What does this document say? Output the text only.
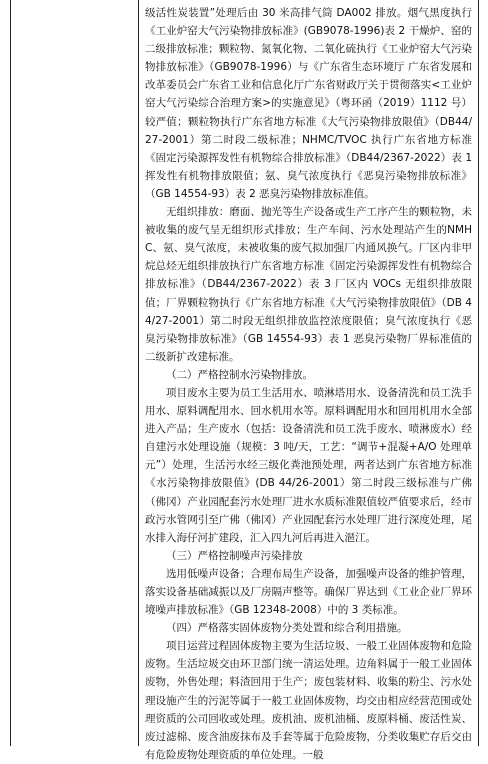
级活性炭装置”处理后由 30 米高排气筒 DA002 排放。烟气黑度执行《工业炉窑大气污染物排放标准》(GB9078-1996)表 2 干燥炉、窑的二级排放标准；颗粒物、氮氧化物、二氧化硫执行《工业炉窑大气污染物排放标准》（GB9078-1996）与《广东省生态环境厅 广东省发展和改革委员会广东省工业和信息化厅广东省财政厅关于贯彻落实<工业炉窑大气污染综合治理方案>的实施意见》（粤环函（2019）1112 号）较严值；颗粒物执行广东省地方标准《大气污染物排放限值》（DB44/27-2001）第二时段二级标准；NHMC/TVOC 执行广东省地方标准《固定污染源挥发性有机物综合排放标准》（DB44/2367-2022）表 1 挥发性有机物排放限值；氨、臭气浓度执行《恶臭污染物排放标准》（GB 14554-93）表 2 恶臭污染物排放标准值。

无组织排放：磨面、抛光等生产设备或生产工序产生的颗粒物，未被收集的废气呈无组织形式排放；生产车间、污水处理站产生的NMHC、氨、臭气浓度，未被收集的废气拟加强厂内通风换气。厂区内非甲烷总烃无组织排放执行广东省地方标准《固定污染源挥发性有机物综合排放标准》（DB44/2367-2022）表 3 厂区内 VOCs 无组织排放限值；厂界颗粒物执行《广东省地方标准《大气污染物排放限值》（DB 44/27-2001）第二时段无组织排放监控浓度限值；臭气浓度执行《恶臭污染物排放标准》（GB 14554-93）表 1 恶臭污染物厂界标准值的二级新扩改建标准。

（二）严格控制水污染物排放。

项目废水主要为员工生活用水、喷淋塔用水、设备清洗和员工洗手用水、原料调配用水、回水机用水等。原料调配用水和回用机用水全部进入产品；生产废水（包括：设备清洗和员工洗手废水、喷淋废水）经自建污水处理设施（规模：3 吨/天，工艺：“调节+混凝+A/O 处理单元”）处理，生活污水经三级化粪池预处理，两者达到广东省地方标准《水污染物排放限值》(DB 44/26-2001）第二时段三级标准与广佛（佛冈）产业园配套污水处理厂进水水质标准限值较严值要求后，经市政污水管网引至广佛（佛冈）产业园配套污水处理厂进行深度处理，尾水排入海仔河扩建段，汇入四九河后再进入潖江。

（三）严格控制噪声污染排放

选用低噪声设备；合理布局生产设备，加强噪声设备的维护管理，落实设备基础减振以及厂房隔声整等。确保厂界达到《工业企业厂界环境噪声排放标准》（GB 12348-2008）中的 3 类标准。

（四）严格落实固体废物分类处置和综合利用措施。

项目运营过程固体废物主要为生活垃圾、一般工业固体废物和危险废物。生活垃圾交由环卫部门统一清运处理。边角料属于一般工业固体废物，外售处理；料渣回用于生产；废包装材料、收集的粉尘、污水处理设施产生的污泥等属于一般工业固体废物，均交由相应经营范围或处理资质的公司回收或处理。废机油、废机油桶、废原料桶、废活性炭、废过滤棉、废含油废抹布及手套等属于危险废物，分类收集贮存后交由有危险废物处理资质的单位处理。一般
